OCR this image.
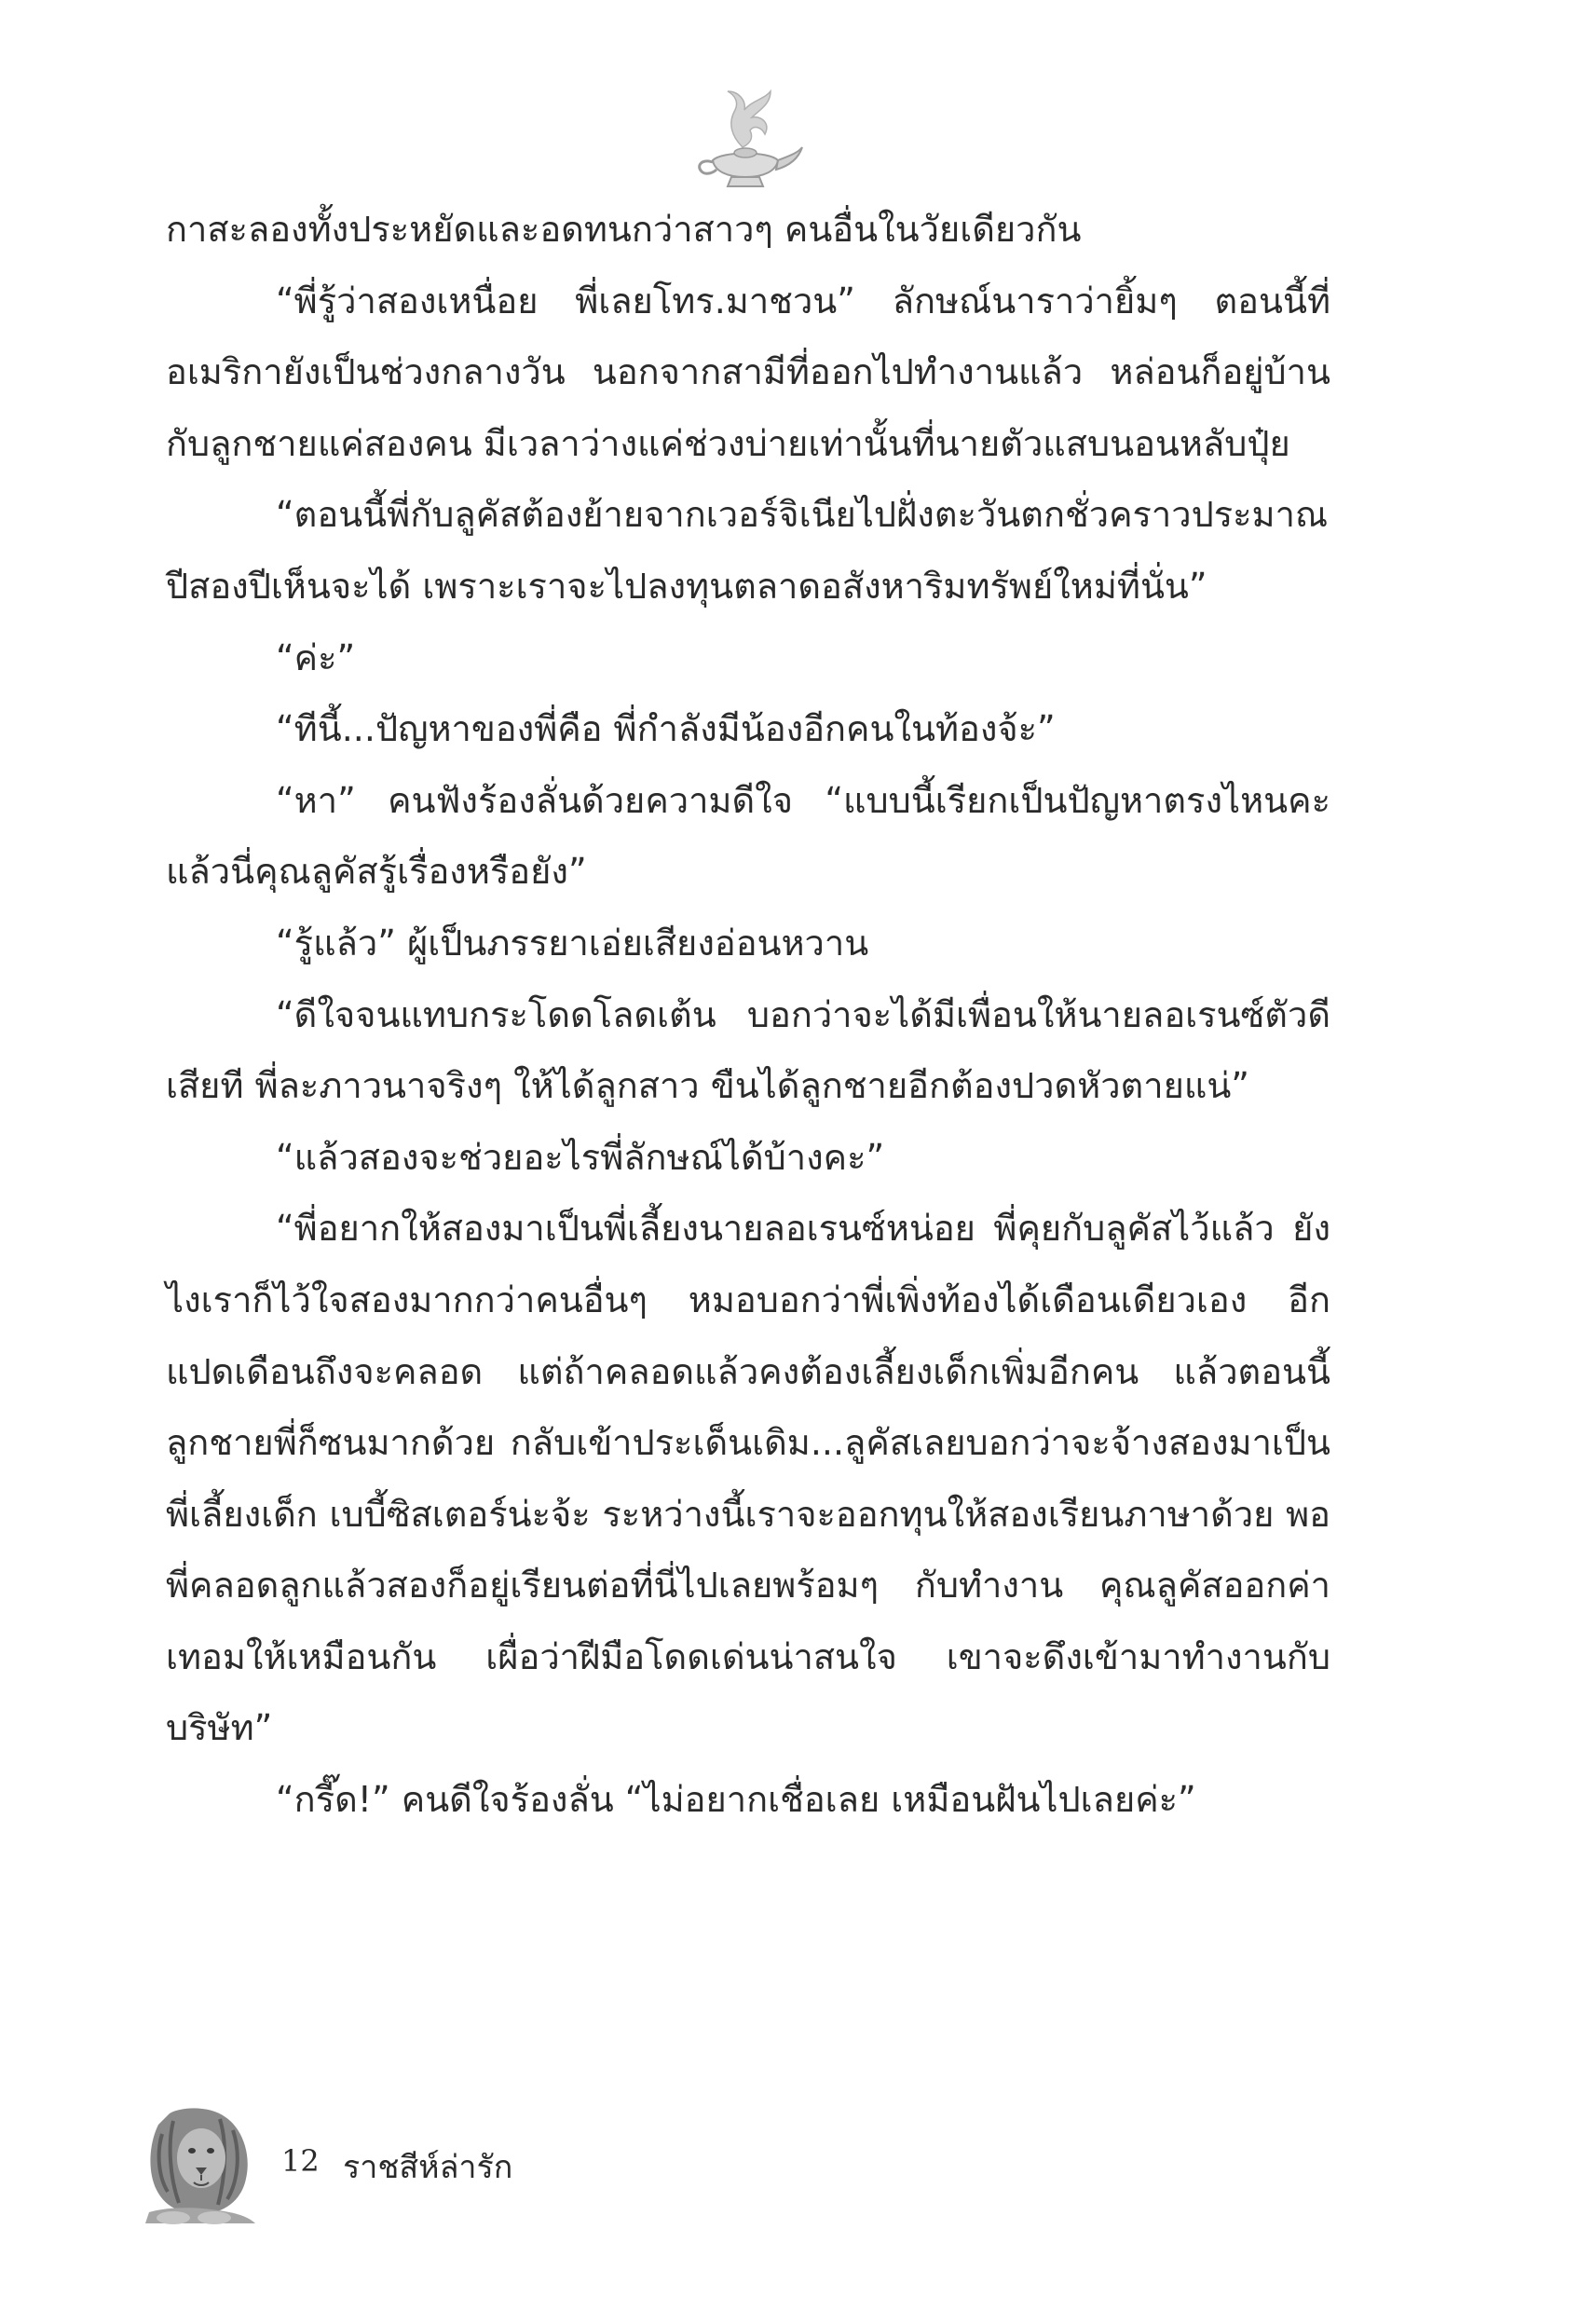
กาสะลองทั้งประหยัดและอดทนกว่าสาวๆ คนอื่นในวัยเดียวกัน

“พี่รู้ว่าสองเหนื่อย พี่เลยโทร.มาชวน” ลักษณ์นาราว่ายิ้มๆ ตอนนี้ที่อเมริกายังเป็นช่วงกลางวัน นอกจากสามีที่ออกไปทำงานแล้ว หล่อนก็อยู่บ้านกับลูกชายแค่สองคน มีเวลาว่างแค่ช่วงบ่ายเท่านั้นที่นายตัวแสบนอนหลับปุ๋ย

“ตอนนี้พี่กับลูคัสต้องย้ายจากเวอร์จิเนียไปฝั่งตะวันตกชั่วคราวประมาณปีสองปีเห็นจะได้ เพราะเราจะไปลงทุนตลาดอสังหาริมทรัพย์ใหม่ที่นั่น”

“ค่ะ”

“ทีนี้...ปัญหาของพี่คือ พี่กำลังมีน้องอีกคนในท้องจ้ะ”

“หา” คนฟังร้องลั่นด้วยความดีใจ “แบบนี้เรียกเป็นปัญหาตรงไหนคะ แล้วนี่คุณลูคัสรู้เรื่องหรือยัง”

“รู้แล้ว” ผู้เป็นภรรยาเอ่ยเสียงอ่อนหวาน

“ดีใจจนแทบกระโดดโลดเต้น บอกว่าจะได้มีเพื่อนให้นายลอเรนซ์ตัวดีเสียที พี่ละภาวนาจริงๆ ให้ได้ลูกสาว ขืนได้ลูกชายอีกต้องปวดหัวตายแน่”

“แล้วสองจะช่วยอะไรพี่ลักษณ์ได้บ้างคะ”

“พี่อยากให้สองมาเป็นพี่เลี้ยงนายลอเรนซ์หน่อย พี่คุยกับลูคัสไว้แล้ว ยังไงเราก็ไว้ใจสองมากกว่าคนอื่นๆ หมอบอกว่าพี่เพิ่งท้องได้เดือนเดียวเอง อีกแปดเดือนถึงจะคลอด แต่ถ้าคลอดแล้วคงต้องเลี้ยงเด็กเพิ่มอีกคน แล้วตอนนี้ลูกชายพี่ก็ซนมากด้วย กลับเข้าประเด็นเดิม...ลูคัสเลยบอกว่าจะจ้างสองมาเป็นพี่เลี้ยงเด็ก เบบี้ซิสเตอร์น่ะจ้ะ ระหว่างนี้เราจะออกทุนให้สองเรียนภาษาด้วย พอพี่คลอดลูกแล้วสองก็อยู่เรียนต่อที่นี่ไปเลยพร้อมๆ กับทำงาน คุณลูคัสออกค่าเทอมให้เหมือนกัน เผื่อว่าฝีมือโดดเด่นน่าสนใจ เขาจะดึงเข้ามาทำงานกับบริษัท”

“กรี๊ด!” คนดีใจร้องลั่น “ไม่อยากเชื่อเลย เหมือนฝันไปเลยค่ะ”

12 ราชสีห์ล่ารัก
